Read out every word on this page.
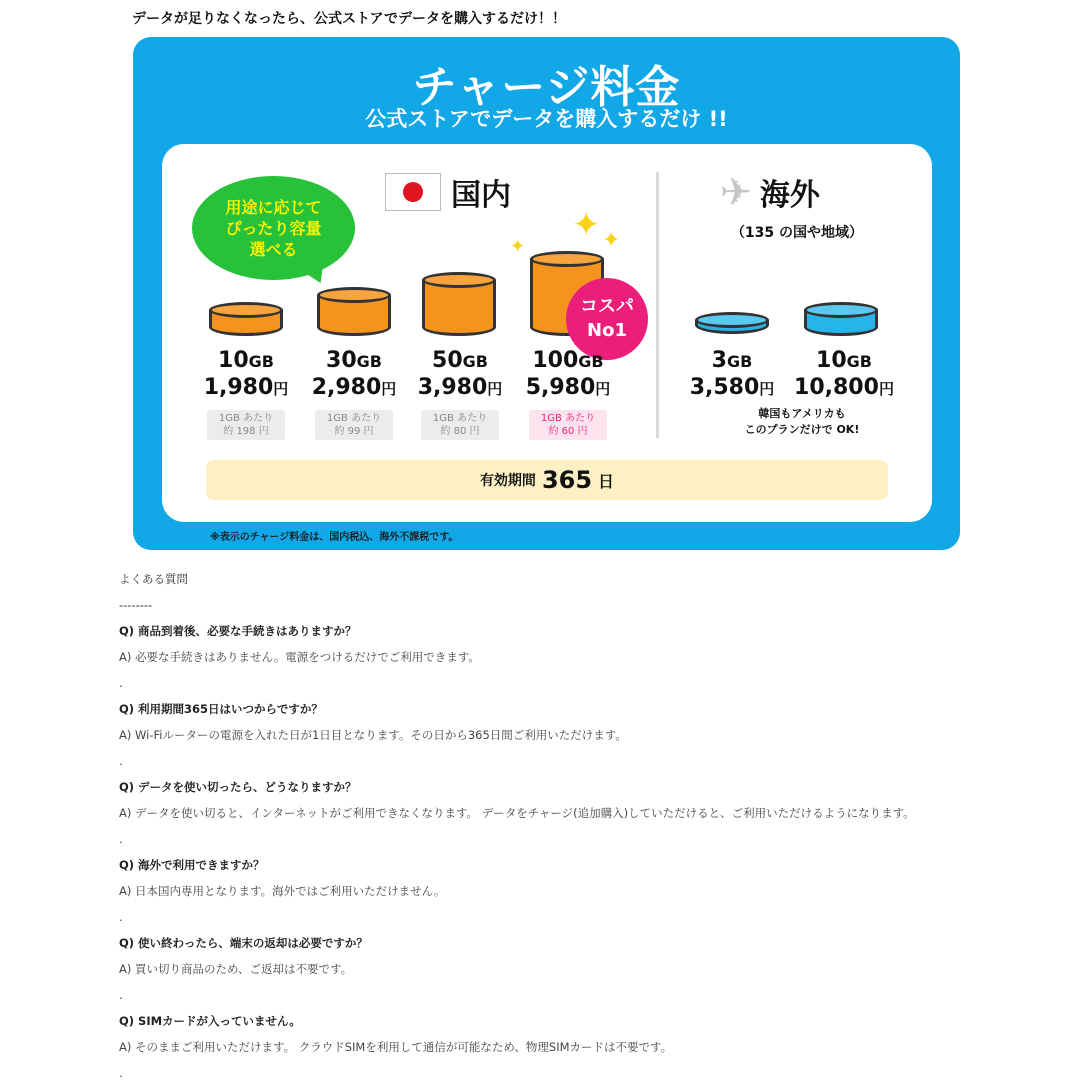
データが足りなくなったら、公式ストアでデータを購入するだけ！！
チャージ料金
公式ストアでデータを購入するだけ !!
国内
用途に応じて
ぴったり容量
選べる
✦ ✦
✦
コスパ
No1
10GB
1,980円
1GB あたり
約 198 円
30GB
2,980円
1GB あたり
約 99 円
50GB
3,980円
1GB あたり
約 80 円
100GB
5,980円
1GB あたり
約 60 円
✈ 海外
（135 の国や地域）
3GB
3,580円
10GB
10,800円
韓国もアメリカも
このプランだけで OK!
有効期間 365 日
※表示のチャージ料金は、国内税込、海外不課税です。
よくある質問
--------
Q) 商品到着後、必要な手続きはありますか？
A) 必要な手続きはありません。電源をつけるだけでご利用できます。
.
Q) 利用期間365日はいつからですか？
A) Wi-Fiルーターの電源を入れた日が1日目となります。その日から365日間ご利用いただけます。
.
Q) データを使い切ったら、どうなりますか？
A) データを使い切ると、インターネットがご利用できなくなります。 データをチャージ(追加購入)していただけると、ご利用いただけるようになります。
.
Q) 海外で利用できますか？
A) 日本国内専用となります。海外ではご利用いただけません。
.
Q) 使い終わったら、端末の返却は必要ですか？
A) 買い切り商品のため、ご返却は不要です。
.
Q) SIMカードが入っていません。
A) そのままご利用いただけます。 クラウドSIMを利用して通信が可能なため、物理SIMカードは不要です。
.
